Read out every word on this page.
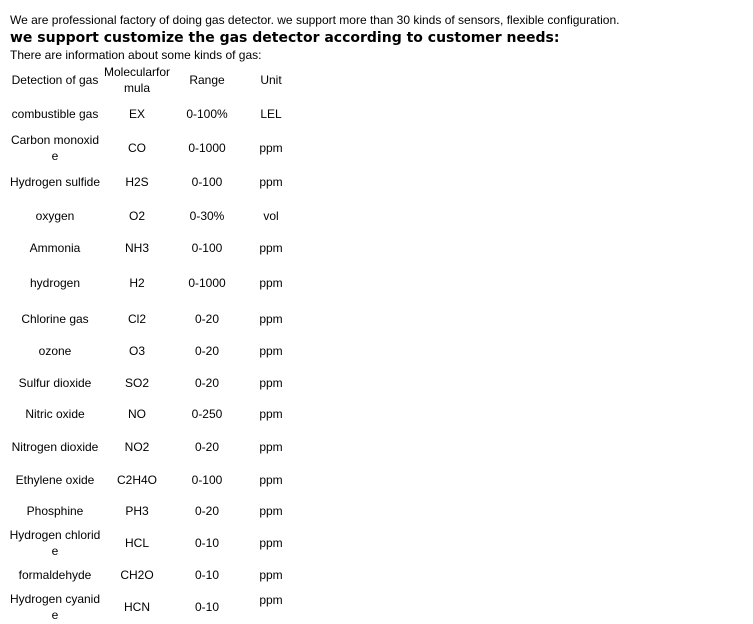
We are professional factory of doing gas detector. we support more than 30 kinds of sensors, flexible configuration.
we support customize the gas detector according to customer needs:
There are information about some kinds of gas:
Detection of gas	Molecularformula	Range	Unit
combustible gas	EX	0-100%	LEL
Carbon monoxide	CO	0-1000	ppm
Hydrogen sulfide	H2S	0-100	ppm
oxygen	O2	0-30%	vol
Ammonia	NH3	0-100	ppm
hydrogen	H2	0-1000	ppm
Chlorine gas	Cl2	0-20	ppm
ozone	O3	0-20	ppm
Sulfur dioxide	SO2	0-20	ppm
Nitric oxide	NO	0-250	ppm
Nitrogen dioxide	NO2	0-20	ppm
Ethylene oxide	C2H4O	0-100	ppm
Phosphine	PH3	0-20	ppm
Hydrogen chloride	HCL	0-10	ppm
formaldehyde	CH2O	0-10	ppm
Hydrogen cyanide	HCN	0-10	ppm
